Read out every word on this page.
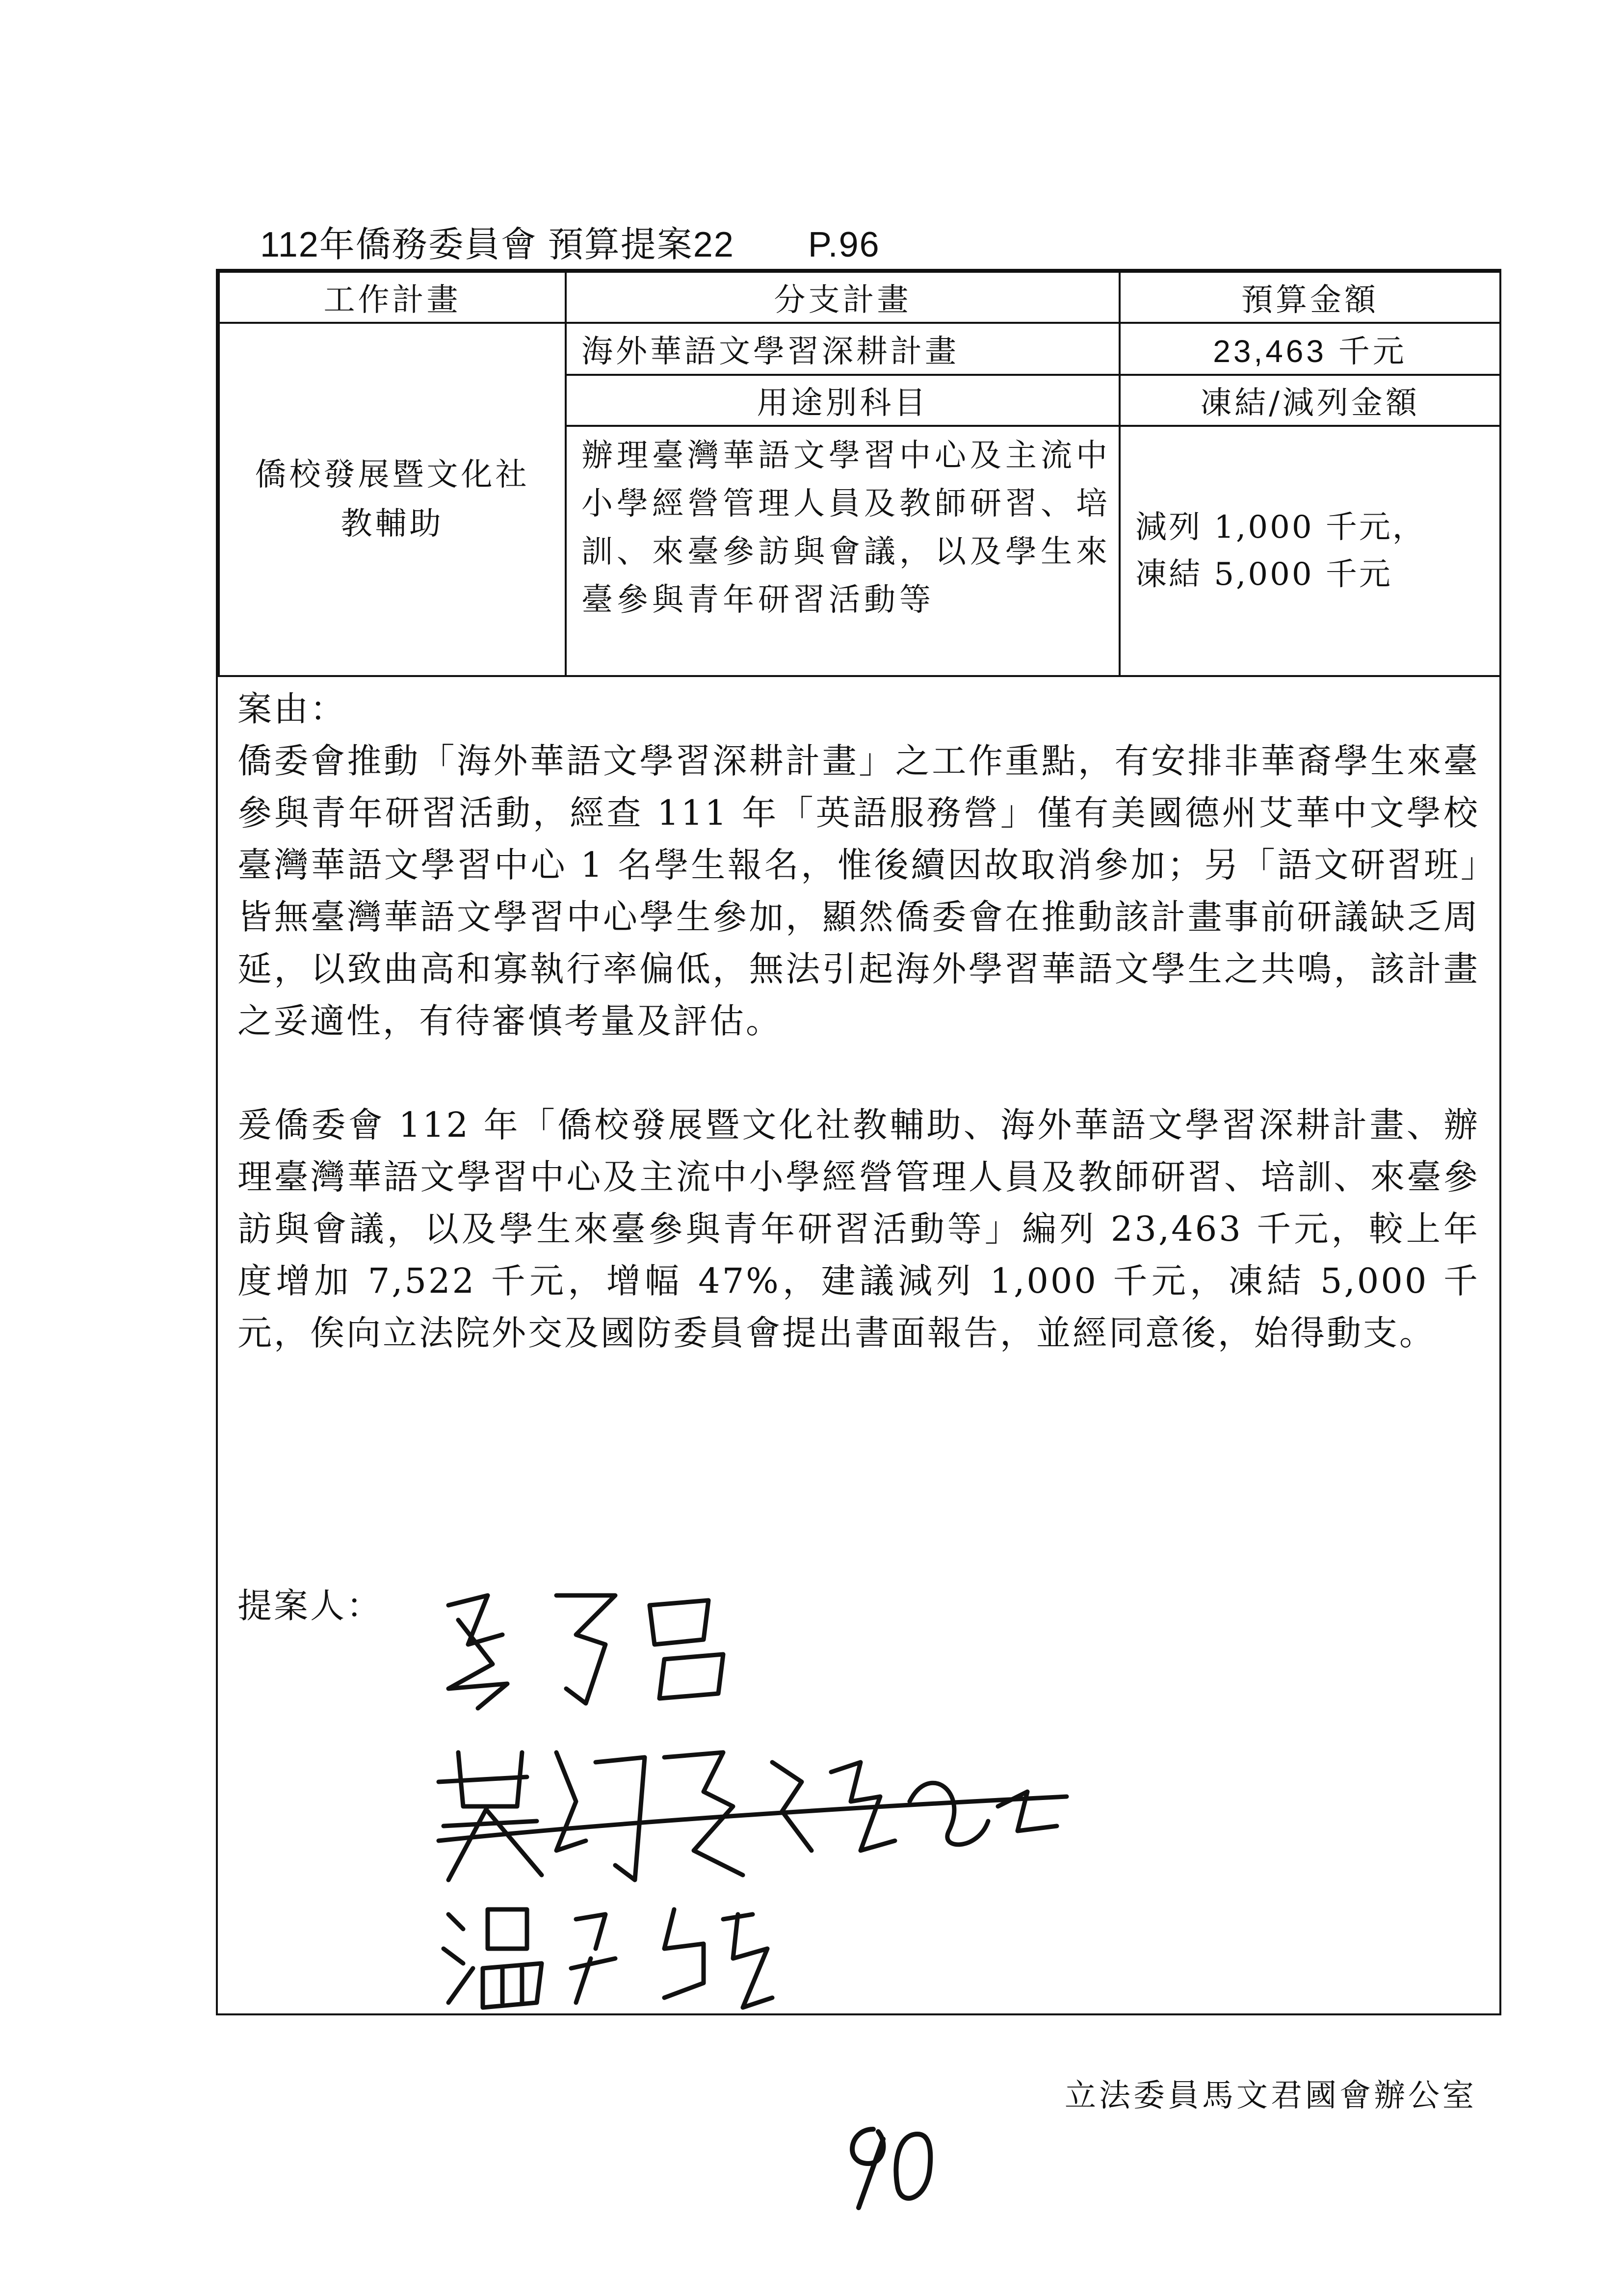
112年僑務委員會 預算提案22 P.96
工作計畫	分支計畫	預算金額

僑校發展暨文化社教輔助	海外華語文學習深耕計畫	23,463 千元
	用途別科目	凍結/減列金額
	辦理臺灣華語文學習中心及主流中小學經營管理人員及教師研習、培訓、來臺參訪與會議，以及學生來臺參與青年研習活動等	減列 1,000 千元，
凍結 5,000 千元

案由：

僑委會推動「海外華語文學習深耕計畫」之工作重點，有安排非華裔學生來臺參與青年研習活動，經查 111 年「英語服務營」僅有美國德州艾華中文學校臺灣華語文學習中心 1 名學生報名，惟後續因故取消參加；另「語文研習班」皆無臺灣華語文學習中心學生參加，顯然僑委會在推動該計畫事前研議缺乏周延，以致曲高和寡執行率偏低，無法引起海外學習華語文學生之共鳴，該計畫之妥適性，有待審慎考量及評估。

爰僑委會 112 年「僑校發展暨文化社教輔助、海外華語文學習深耕計畫、辦理臺灣華語文學習中心及主流中小學經營管理人員及教師研習、培訓、來臺參訪與會議，以及學生來臺參與青年研習活動等」編列 23,463 千元，較上年度增加 7,522 千元，增幅 47%，建議減列 1,000 千元，凍結 5,000 千元，俟向立法院外交及國防委員會提出書面報告，並經同意後，始得動支。

提案人：
立法委員馬文君國會辦公室
